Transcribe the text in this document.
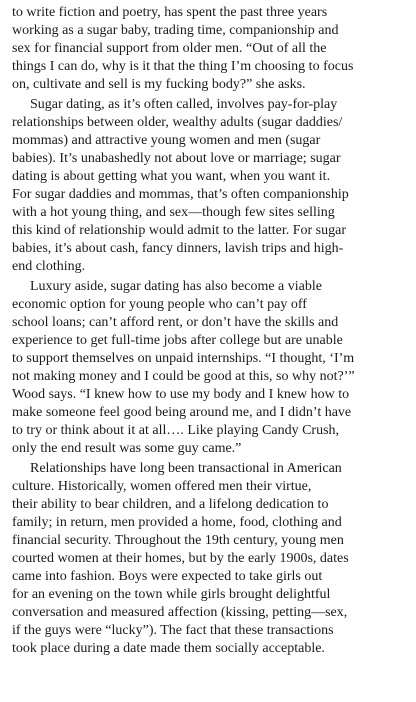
to write fiction and poetry, has spent the past three years
working as a sugar baby, trading time, companionship and
sex for financial support from older men. “Out of all the
things I can do, why is it that the thing I’m choosing to focus
on, cultivate and sell is my fucking body?” she asks.
Sugar dating, as it’s often called, involves pay-for-play
relationships between older, wealthy adults (sugar daddies/
mommas) and attractive young women and men (sugar
babies). It’s unabashedly not about love or marriage; sugar
dating is about getting what you want, when you want it.
For sugar daddies and mommas, that’s often companionship
with a hot young thing, and sex—though few sites selling
this kind of relationship would admit to the latter. For sugar
babies, it’s about cash, fancy dinners, lavish trips and high-
end clothing.
Luxury aside, sugar dating has also become a viable
economic option for young people who can’t pay off
school loans; can’t afford rent, or don’t have the skills and
experience to get full-time jobs after college but are unable
to support themselves on unpaid internships. “I thought, ‘I’m
not making money and I could be good at this, so why not?’”
Wood says. “I knew how to use my body and I knew how to
make someone feel good being around me, and I didn’t have
to try or think about it at all…. Like playing Candy Crush,
only the end result was some guy came.”
Relationships have long been transactional in American
culture. Historically, women offered men their virtue,
their ability to bear children, and a lifelong dedication to
family; in return, men provided a home, food, clothing and
financial security. Throughout the 19th century, young men
courted women at their homes, but by the early 1900s, dates
came into fashion. Boys were expected to take girls out
for an evening on the town while girls brought delightful
conversation and measured affection (kissing, petting—sex,
if the guys were “lucky”). The fact that these transactions
took place during a date made them socially acceptable.
